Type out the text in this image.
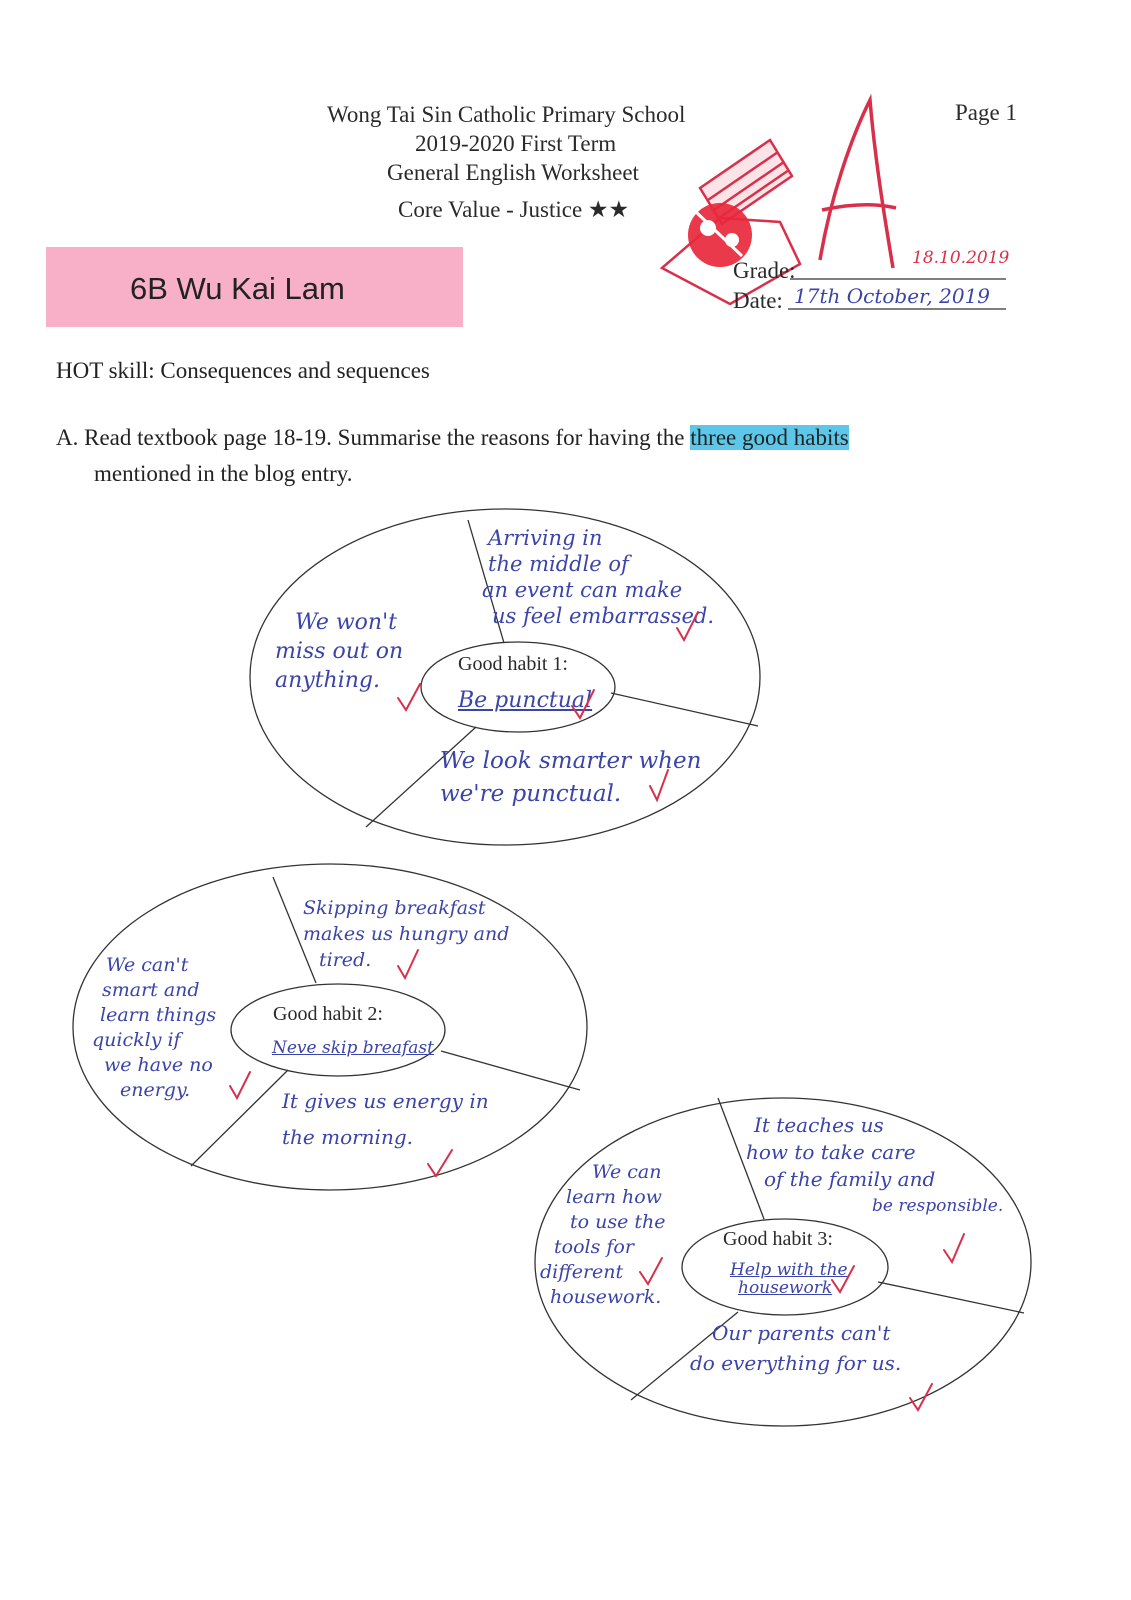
Wong Tai Sin Catholic Primary School
2019-2020 First Term
General English Worksheet
Core Value - Justice ★★
Page 1
6B Wu Kai Lam
Grade:
Date:
18.10.2019
17th October, 2019
HOT skill: Consequences and sequences
A. Read textbook page 18-19. Summarise the reasons for having the three good habits
mentioned in the blog entry.
Good habit 1:
Be punctual
Arriving in
the middle of
an event can make
us feel embarrassed.
We won't
miss out on
anything.
We look smarter when
we're punctual.
Good habit 2:
Neve skip breafast
Skipping breakfast
makes us hungry and
tired.
We can't
smart and
learn things
quickly if
we have no
energy.	It gives us energy in
the morning.
Good habit 3:
Help with the
housework
It teaches us
how to take care
of the family and
be responsible.
We can
learn how
to use the
tools for
different
housework.
Our parents can't
do everything for us.
